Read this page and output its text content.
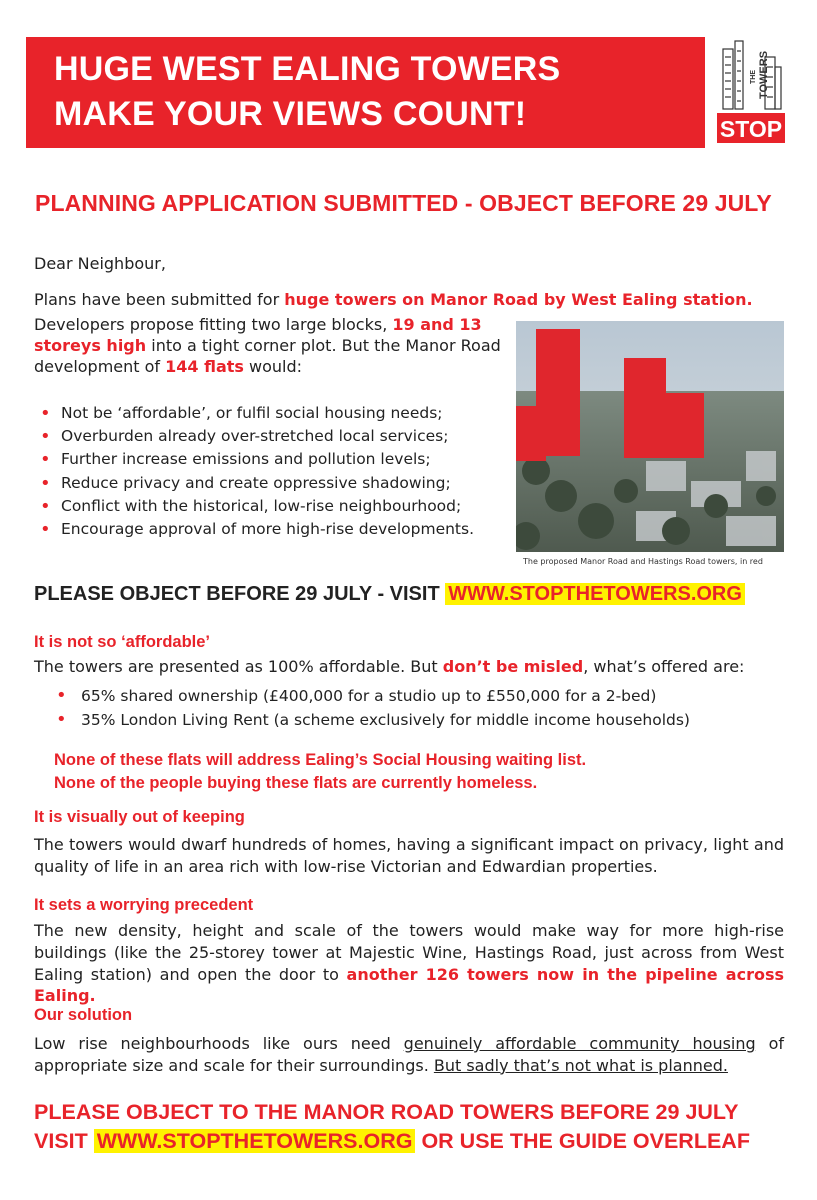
HUGE WEST EALING TOWERS
MAKE YOUR VIEWS COUNT!
THE TOWERS
STOP
PLANNING APPLICATION SUBMITTED - OBJECT BEFORE 29 JULY
Dear Neighbour,
Plans have been submitted for huge towers on Manor Road by West Ealing station.
Developers propose fitting two large blocks, 19 and 13 storeys high into a tight corner plot. But the Manor Road development of 144 flats would:
• Not be ‘affordable’, or fulfil social housing needs;
• Overburden already over-stretched local services;
• Further increase emissions and pollution levels;
• Reduce privacy and create oppressive shadowing;
• Conflict with the historical, low-rise neighbourhood;
• Encourage approval of more high-rise developments.
The proposed Manor Road and Hastings Road towers, in red
PLEASE OBJECT BEFORE 29 JULY - VISIT WWW.STOPTHETOWERS.ORG
It is not so ‘affordable’
The towers are presented as 100% affordable. But don’t be misled, what’s offered are:
• 65% shared ownership (£400,000 for a studio up to £550,000 for a 2-bed)
• 35% London Living Rent (a scheme exclusively for middle income households)
None of these flats will address Ealing’s Social Housing waiting list.
None of the people buying these flats are currently homeless.
It is visually out of keeping
The towers would dwarf hundreds of homes, having a significant impact on privacy, light and quality of life in an area rich with low-rise Victorian and Edwardian properties.
It sets a worrying precedent
The new density, height and scale of the towers would make way for more high-rise buildings (like the 25-storey tower at Majestic Wine, Hastings Road, just across from West Ealing station) and open the door to another 126 towers now in the pipeline across Ealing.
Our solution
Low rise neighbourhoods like ours need genuinely affordable community housing of appropriate size and scale for their surroundings. But sadly that’s not what is planned.
PLEASE OBJECT TO THE MANOR ROAD TOWERS BEFORE 29 JULY
VISIT WWW.STOPTHETOWERS.ORG OR USE THE GUIDE OVERLEAF
